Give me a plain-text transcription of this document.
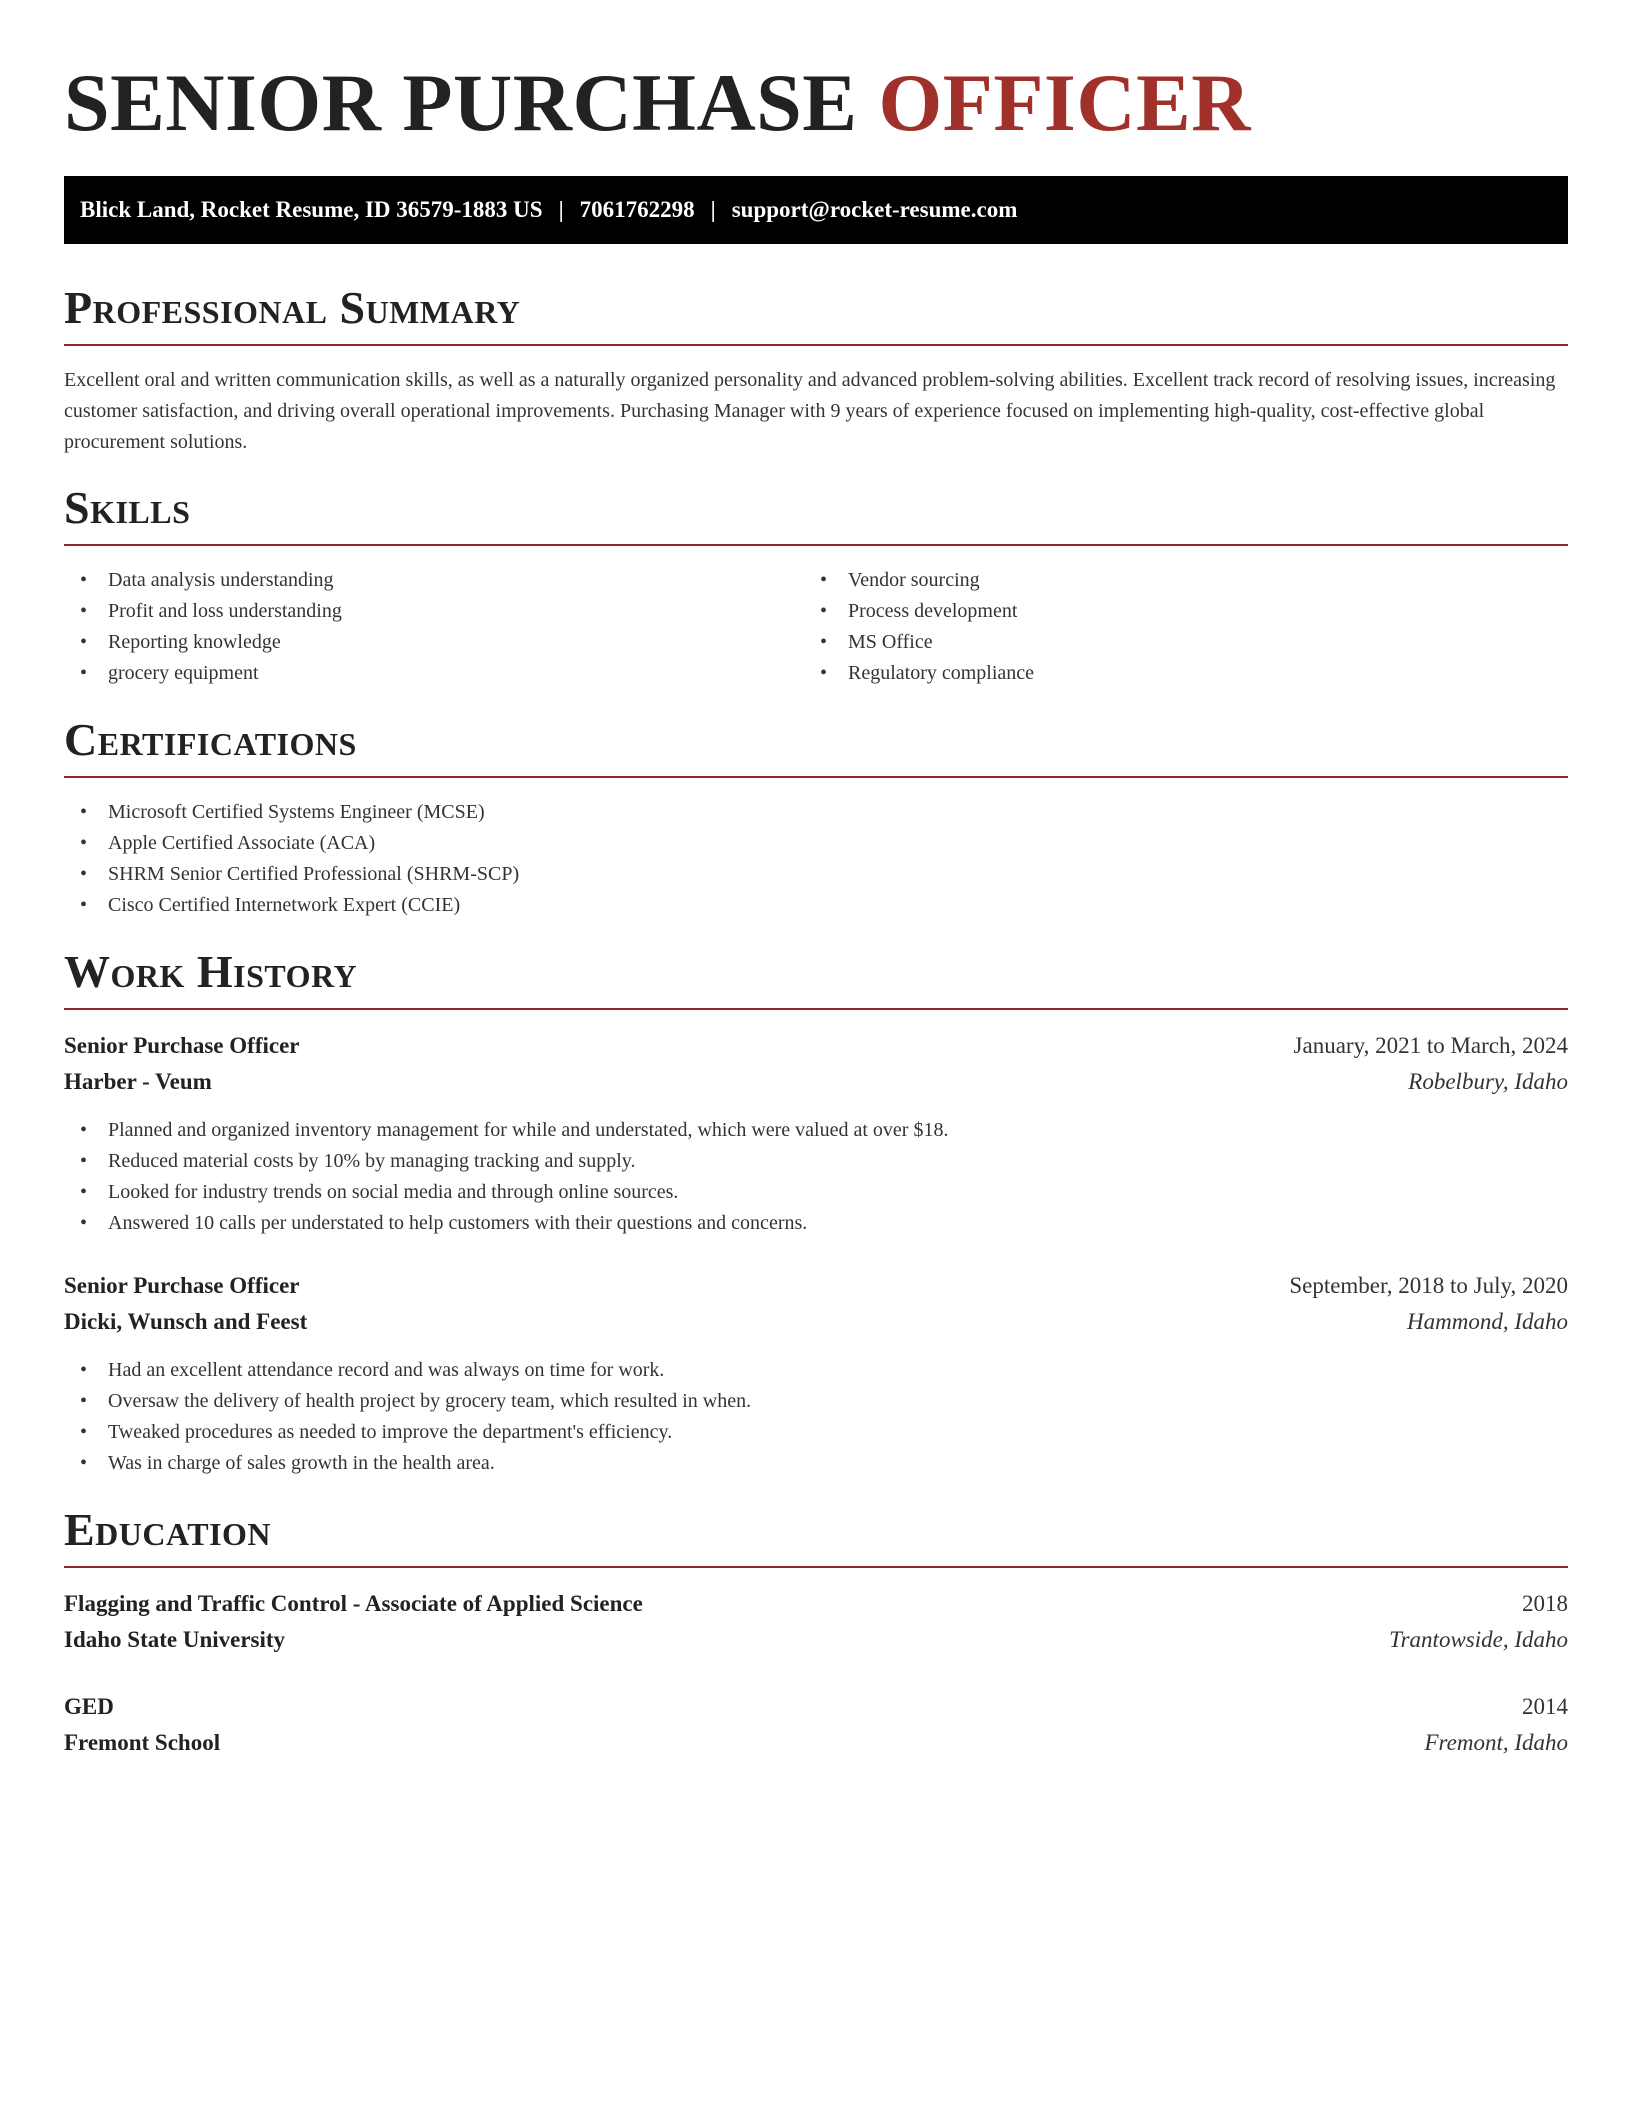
SENIOR PURCHASE OFFICER
Blick Land, Rocket Resume, ID 36579-1883 US | 7061762298 | support@rocket-resume.com
Professional Summary

Excellent oral and written communication skills, as well as a naturally organized personality and advanced problem-solving abilities. Excellent track record of resolving issues, increasing customer satisfaction, and driving overall operational improvements. Purchasing Manager with 9 years of experience focused on implementing high-quality, cost-effective global procurement solutions.

Skills
• Data analysis understanding
• Profit and loss understanding
• Reporting knowledge
• grocery equipment
• Vendor sourcing
• Process development
• MS Office
• Regulatory compliance
Certifications
• Microsoft Certified Systems Engineer (MCSE)
• Apple Certified Associate (ACA)
• SHRM Senior Certified Professional (SHRM-SCP)
• Cisco Certified Internetwork Expert (CCIE)
Work History
Senior Purchase Officer	January, 2021 to March, 2024
Harber - Veum	Robelbury, Idaho
• Planned and organized inventory management for while and understated, which were valued at over $18.
• Reduced material costs by 10% by managing tracking and supply.
• Looked for industry trends on social media and through online sources.
• Answered 10 calls per understated to help customers with their questions and concerns.
Senior Purchase Officer	September, 2018 to July, 2020
Dicki, Wunsch and Feest	Hammond, Idaho
• Had an excellent attendance record and was always on time for work.
• Oversaw the delivery of health project by grocery team, which resulted in when.
• Tweaked procedures as needed to improve the department's efficiency.
• Was in charge of sales growth in the health area.
Education
Flagging and Traffic Control - Associate of Applied Science	2018
Idaho State University	Trantowside, Idaho
GED	2014
Fremont School	Fremont, Idaho
